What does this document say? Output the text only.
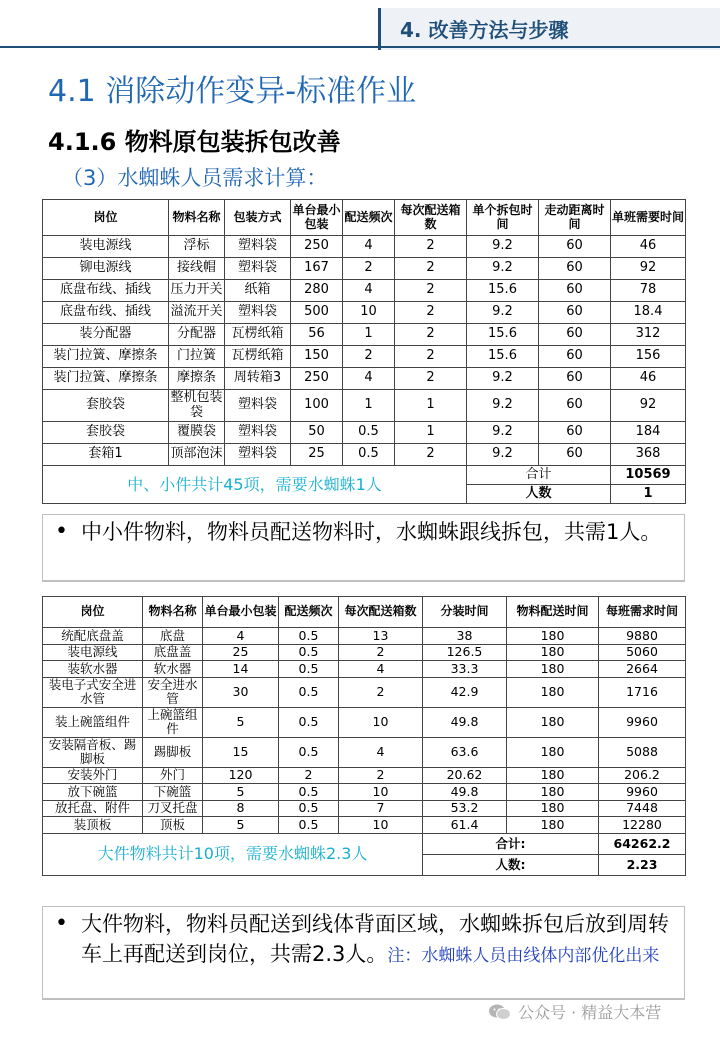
4. 改善方法与步骤
4.1 消除动作变异-标准作业
4.1.6 物料原包装拆包改善
（3）水蜘蛛人员需求计算：
岗位	物料名称	包装方式	单台最小包装	配送频次	每次配送箱数	单个拆包时间	走动距离时间	单班需要时间
装电源线	浮标	塑料袋	250	4	2	9.2	60	46
铆电源线	接线帽	塑料袋	167	2	2	9.2	60	92
底盘布线、插线	压力开关	纸箱	280	4	2	15.6	60	78
底盘布线、插线	溢流开关	塑料袋	500	10	2	9.2	60	18.4
装分配器	分配器	瓦楞纸箱	56	1	2	15.6	60	312
装门拉簧、摩擦条	门拉簧	瓦楞纸箱	150	2	2	15.6	60	156
装门拉簧、摩擦条	摩擦条	周转箱3	250	4	2	9.2	60	46
套胶袋	整机包装袋	塑料袋	100	1	1	9.2	60	92
套胶袋	覆膜袋	塑料袋	50	0.5	1	9.2	60	184
套箱1	顶部泡沫	塑料袋	25	0.5	2	9.2	60	368
中、小件共计45项，需要水蜘蛛1人						合计		10569
						人数		1
• 中小件物料，物料员配送物料时，水蜘蛛跟线拆包，共需1人。
岗位	物料名称	单台最小包装	配送频次	每次配送箱数	分装时间	物料配送时间	每班需求时间
统配底盘盖	底盘	4	0.5	13	38	180	9880
装电源线	底盘盖	25	0.5	2	126.5	180	5060
装软水器	软水器	14	0.5	4	33.3	180	2664
装电子式安全进水管	安全进水管	30	0.5	2	42.9	180	1716
装上碗篮组件	上碗篮组件	5	0.5	10	49.8	180	9960
安装隔音板、踢脚板	踢脚板	15	0.5	4	63.6	180	5088
安装外门	外门	120	2	2	20.62	180	206.2
放下碗篮	下碗篮	5	0.5	10	49.8	180	9960
放托盘、附件	刀叉托盘	8	0.5	7	53.2	180	7448
装顶板	顶板	5	0.5	10	61.4	180	12280
大件物料共计10项，需要水蜘蛛2.3人					合计:		64262.2
					人数:		2.23
• 大件物料，物料员配送到线体背面区域，水蜘蛛拆包后放到周转车上再配送到岗位，共需2.3人。注：水蜘蛛人员由线体内部优化出来
公众号 · 精益大本营
